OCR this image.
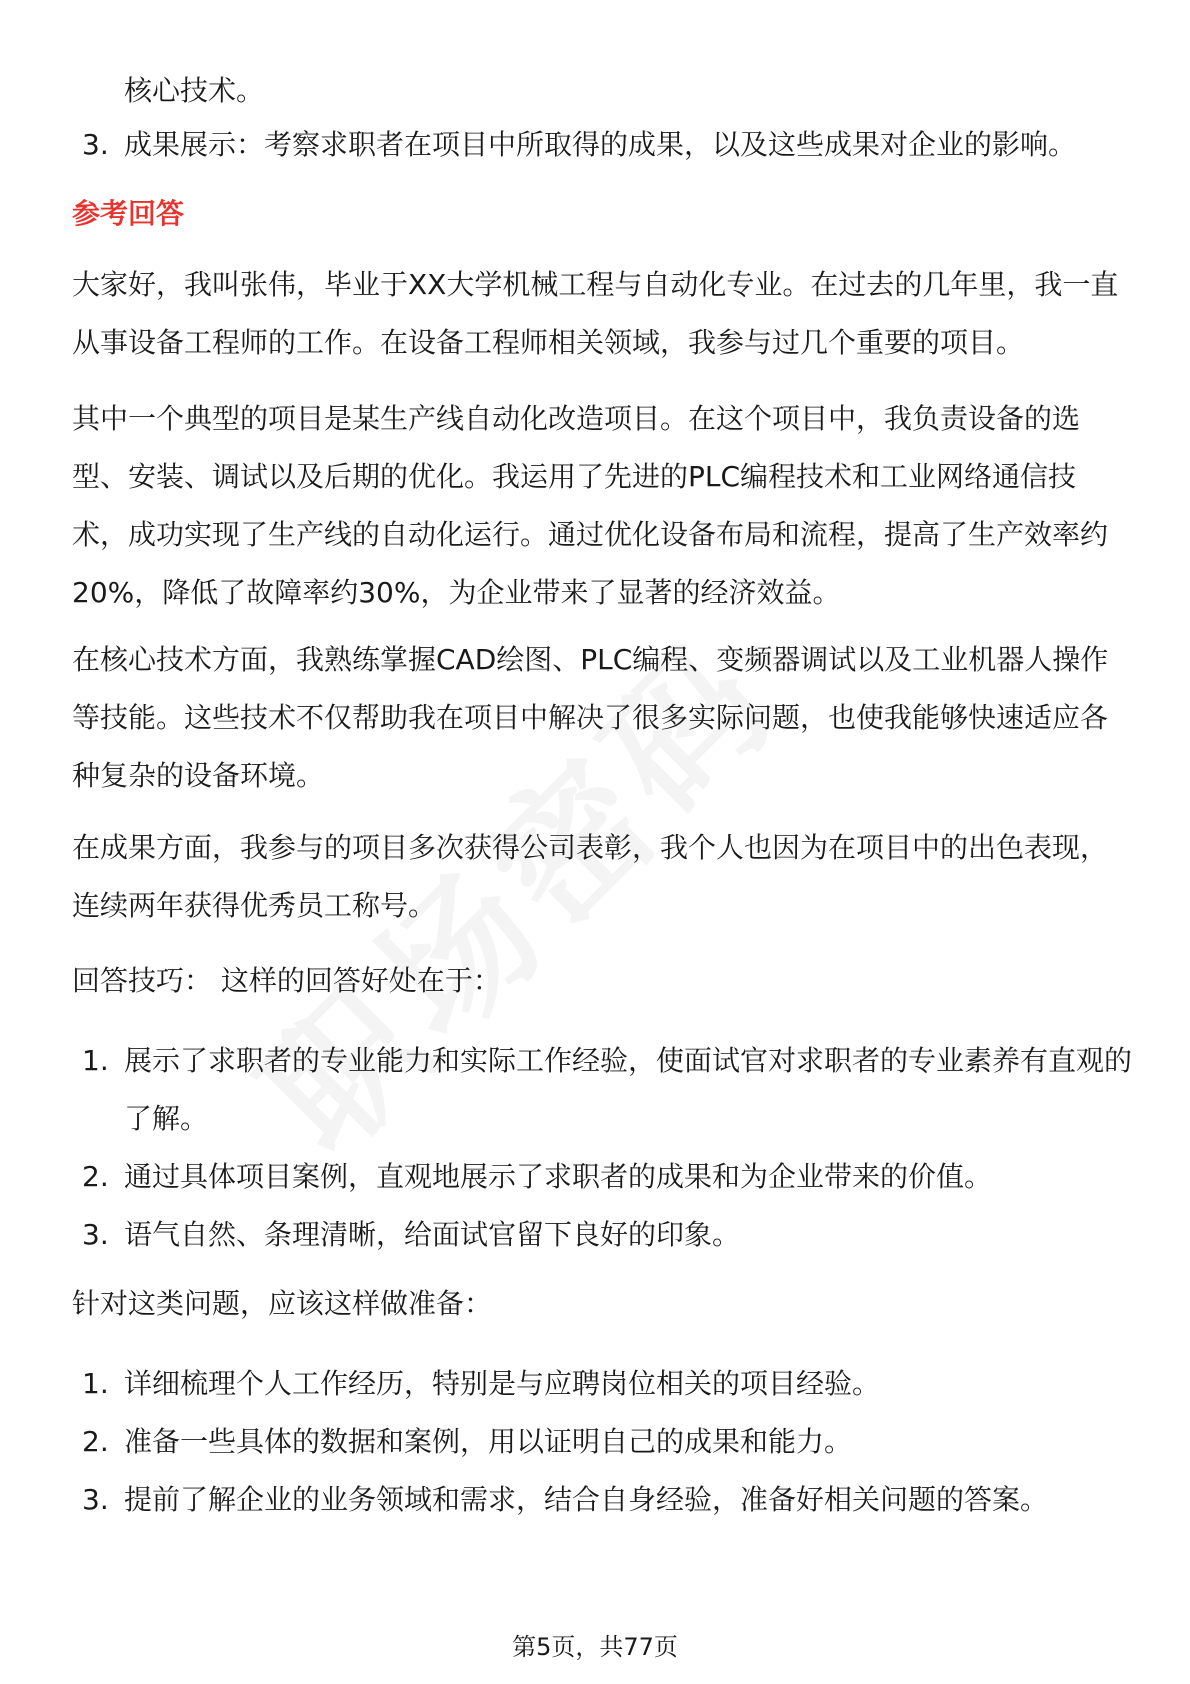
核心技术。

3. 成果展示：考察求职者在项目中所取得的成果，以及这些成果对企业的影响。
参考回答

大家好，我叫张伟，毕业于XX大学机械工程与自动化专业。在过去的几年里，我一直从事设备工程师的工作。在设备工程师相关领域，我参与过几个重要的项目。

其中一个典型的项目是某生产线自动化改造项目。在这个项目中，我负责设备的选型、安装、调试以及后期的优化。我运用了先进的PLC编程技术和工业网络通信技术，成功实现了生产线的自动化运行。通过优化设备布局和流程，提高了生产效率约20%，降低了故障率约30%，为企业带来了显著的经济效益。

在核心技术方面，我熟练掌握CAD绘图、PLC编程、变频器调试以及工业机器人操作等技能。这些技术不仅帮助我在项目中解决了很多实际问题，也使我能够快速适应各种复杂的设备环境。

在成果方面，我参与的项目多次获得公司表彰，我个人也因为在项目中的出色表现，连续两年获得优秀员工称号。

回答技巧： 这样的回答好处在于：

1. 展示了求职者的专业能力和实际工作经验，使面试官对求职者的专业素养有直观的了解。
2. 通过具体项目案例，直观地展示了求职者的成果和为企业带来的价值。
3. 语气自然、条理清晰，给面试官留下良好的印象。

针对这类问题，应该这样做准备：

1. 详细梳理个人工作经历，特别是与应聘岗位相关的项目经验。
2. 准备一些具体的数据和案例，用以证明自己的成果和能力。
3. 提前了解企业的业务领域和需求，结合自身经验，准备好相关问题的答案。
第5页，共77页
